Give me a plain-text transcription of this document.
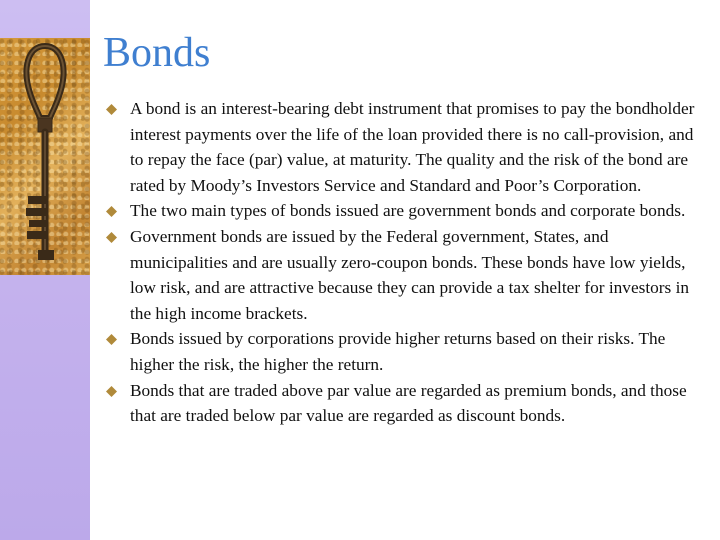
Bonds
A bond is an interest-bearing debt instrument that promises to pay the bondholder interest payments over the life of the loan provided there is no call-provision, and to repay the face (par) value, at maturity. The quality and the risk of the bond are rated by Moody’s Investors Service and Standard and Poor’s Corporation.
The two main types of bonds issued are government bonds and corporate bonds.
Government bonds are issued by the Federal government, States, and municipalities and are usually zero-coupon bonds. These bonds have low yields, low risk, and are attractive because they can provide a tax shelter for investors in the high income brackets.
Bonds issued by corporations provide higher returns based on their risks. The higher the risk, the higher the return.
Bonds that are traded above par value are regarded as premium bonds, and those that are traded below par value are regarded as discount bonds.
